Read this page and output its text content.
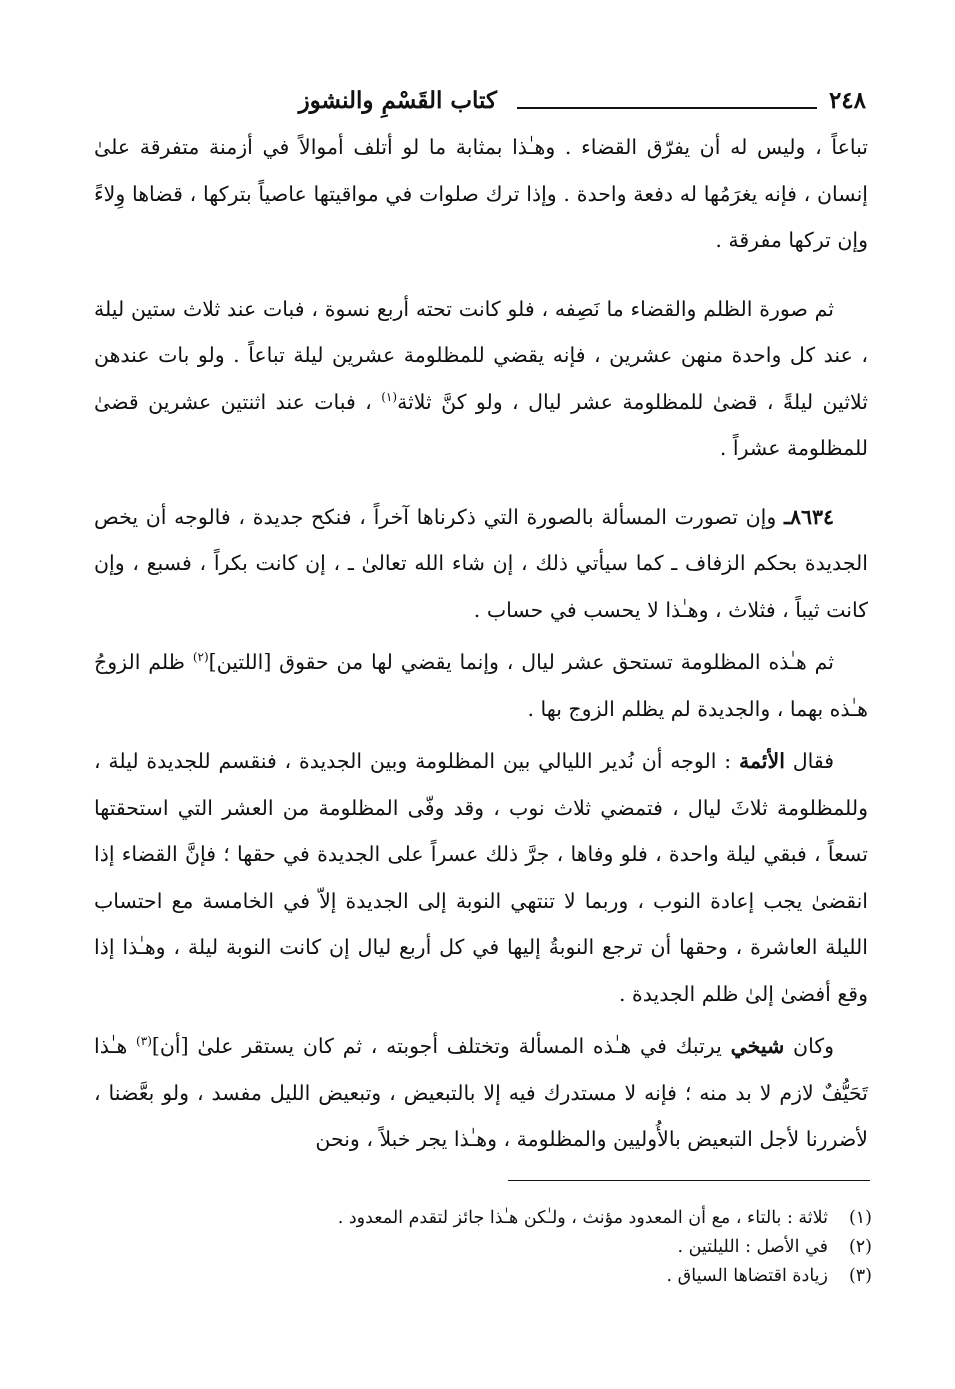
٢٤٨
كتاب القَسْمِ والنشوز

تباعاً ، وليس له أن يفرّق القضاء . وهـٰذا بمثابة ما لو أتلف أموالاً في أزمنة متفرقة علىٰ إنسان ، فإنه يغرَمُها له دفعة واحدة . وإذا ترك صلوات في مواقيتها عاصياً بتركها ، قضاها وِلاءً وإن تركها مفرقة .

ثم صورة الظلم والقضاء ما نَصِفه ، فلو كانت تحته أربع نسوة ، فبات عند ثلاث ستين ليلة ، عند كل واحدة منهن عشرين ، فإنه يقضي للمظلومة عشرين ليلة تباعاً . ولو بات عندهن ثلاثين ليلةً ، قضىٰ للمظلومة عشر ليال ، ولو كنَّ ثلاثة$^{(١)}$ ، فبات عند اثنتين عشرين قضىٰ للمظلومة عشراً .

٨٦٣٤ـ وإن تصورت المسألة بالصورة التي ذكرناها آخراً ، فنكح جديدة ، فالوجه أن يخص الجديدة بحكم الزفاف ـ كما سيأتي ذلك ، إن شاء الله تعالىٰ ـ ، إن كانت بكراً ، فسبع ، وإن كانت ثيباً ، فثلاث ، وهـٰذا لا يحسب في حساب .

ثم هـٰذه المظلومة تستحق عشر ليال ، وإنما يقضي لها من حقوق [اللتين]$^{(٢)}$ ظلم الزوجُ هـٰذه بهما ، والجديدة لم يظلم الزوج بها .

فقال الأئمة : الوجه أن نُدير الليالي بين المظلومة وبين الجديدة ، فنقسم للجديدة ليلة ، وللمظلومة ثلاثَ ليال ، فتمضي ثلاث نوب ، وقد وفّى المظلومة من العشر التي استحقتها تسعاً ، فبقي ليلة واحدة ، فلو وفاها ، جرَّ ذلك عسراً على الجديدة في حقها ؛ فإنَّ القضاء إذا انقضىٰ يجب إعادة النوب ، وربما لا تنتهي النوبة إلى الجديدة إلاّ في الخامسة مع احتساب الليلة العاشرة ، وحقها أن ترجع النوبةُ إليها في كل أربع ليال إن كانت النوبة ليلة ، وهـٰذا إذا وقع أفضىٰ إلىٰ ظلم الجديدة .

وكان شيخي يرتبك في هـٰذه المسألة وتختلف أجوبته ، ثم كان يستقر علىٰ [أن]$^{(٣)}$ هـٰذا تَحَيُّفٌ لازم لا بد منه ؛ فإنه لا مستدرك فيه إلا بالتبعيض ، وتبعيض الليل مفسد ، ولو بعَّضنا ، لأضررنا لأجل التبعيض بالأُوليين والمظلومة ، وهـٰذا يجر خبلاً ، ونحن

(١)
ثلاثة : بالتاء ، مع أن المعدود مؤنث ، ولـٰكن هـٰذا جائز لتقدم المعدود .

(٢)
في الأصل : الليلتين .

(٣)
زيادة اقتضاها السياق .
